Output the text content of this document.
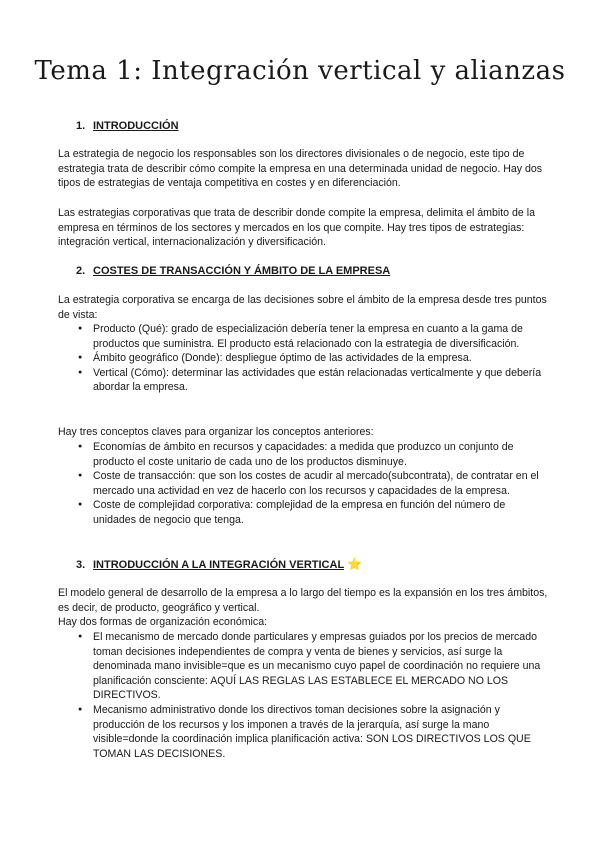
Tema 1: Integración vertical y alianzas
1. INTRODUCCIÓN

La estrategia de negocio los responsables son los directores divisionales o de negocio, este tipo de estrategia trata de describir cómo compite la empresa en una determinada unidad de negocio. Hay dos tipos de estrategias de ventaja competitiva en costes y en diferenciación.

Las estrategias corporativas que trata de describir donde compite la empresa, delimita el ámbito de la empresa en términos de los sectores y mercados en los que compite. Hay tres tipos de estrategias: integración vertical, internacionalización y diversificación.

2. COSTES DE TRANSACCIÓN Y ÁMBITO DE LA EMPRESA

La estrategia corporativa se encarga de las decisiones sobre el ámbito de la empresa desde tres puntos de vista:

● Producto (Qué): grado de especialización debería tener la empresa en cuanto a la gama de productos que suministra. El producto está relacionado con la estrategia de diversificación.
● Ámbito geográfico (Donde): despliegue óptimo de las actividades de la empresa.
● Vertical (Cómo): determinar las actividades que están relacionadas verticalmente y que debería abordar la empresa.

Hay tres conceptos claves para organizar los conceptos anteriores:

● Economías de ámbito en recursos y capacidades: a medida que produzco un conjunto de producto el coste unitario de cada uno de los productos disminuye.
● Coste de transacción: que son los costes de acudir al mercado(subcontrata), de contratar en el mercado una actividad en vez de hacerlo con los recursos y capacidades de la empresa.
● Coste de complejidad corporativa: complejidad de la empresa en función del número de unidades de negocio que tenga.
3. INTRODUCCIÓN A LA INTEGRACIÓN VERTICAL ⭐

El modelo general de desarrollo de la empresa a lo largo del tiempo es la expansión en los tres ámbitos, es decir, de producto, geográfico y vertical.

Hay dos formas de organización económica:

● El mecanismo de mercado donde particulares y empresas guiados por los precios de mercado toman decisiones independientes de compra y venta de bienes y servicios, así surge la denominada mano invisible=que es un mecanismo cuyo papel de coordinación no requiere una planificación consciente: AQUÍ LAS REGLAS LAS ESTABLECE EL MERCADO NO LOS DIRECTIVOS.
● Mecanismo administrativo donde los directivos toman decisiones sobre la asignación y producción de los recursos y los imponen a través de la jerarquía, así surge la mano visible=donde la coordinación implica planificación activa: SON LOS DIRECTIVOS LOS QUE TOMAN LAS DECISIONES.
